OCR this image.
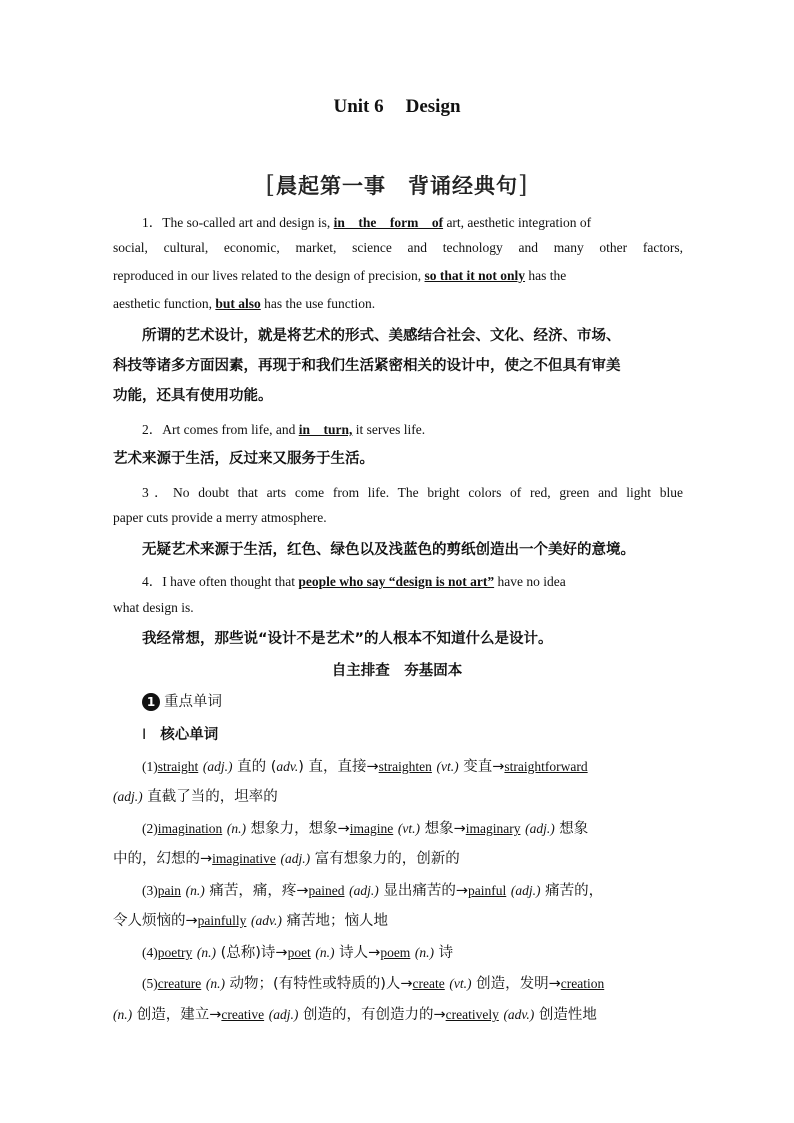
Unit 6 Design
[晨起第一事　背诵经典句]
1．The so-called art and design is, in　the　form　of art, aesthetic integration of
social, cultural, economic, market, science and technology and many other factors,
reproduced in our lives related to the design of precision, so that it not only has the
aesthetic function, but also has the use function.
所谓的艺术设计，就是将艺术的形式、美感结合社会、文化、经济、市场、
科技等诸多方面因素，再现于和我们生活紧密相关的设计中，使之不但具有审美
功能，还具有使用功能。
2．Art comes from life, and in　turn, it serves life.
艺术来源于生活，反过来又服务于生活。
3．No doubt that arts come from life. The bright colors of red, green and light blue
paper cuts provide a merry atmosphere.
无疑艺术来源于生活，红色、绿色以及浅蓝色的剪纸创造出一个美好的意境。
4．I have often thought that people who say “design is not art” have no idea
what design is.
我经常想，那些说“设计不是艺术”的人根本不知道什么是设计。
自主排查　夯基固本
1 重点单词
Ⅰ 核心单词
(1)straight (adj.) 直的 (adv.) 直，直接→straighten (vt.) 变直→straightforward
(adj.) 直截了当的，坦率的
(2)imagination (n.) 想象力，想象→imagine (vt.) 想象→imaginary (adj.) 想象
中的，幻想的→imaginative (adj.) 富有想象力的，创新的
(3)pain (n.) 痛苦，痛，疼→pained (adj.) 显出痛苦的→painful (adj.) 痛苦的，
令人烦恼的→painfully (adv.) 痛苦地；恼人地
(4)poetry (n.) (总称)诗→poet (n.) 诗人→poem (n.) 诗
(5)creature (n.) 动物；(有特性或特质的)人→create (vt.) 创造，发明→creation
(n.) 创造，建立→creative (adj.) 创造的，有创造力的→creatively (adv.) 创造性地
